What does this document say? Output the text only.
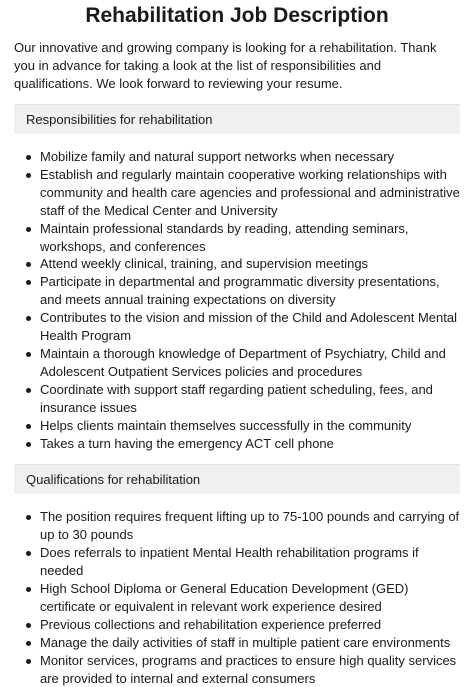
Rehabilitation Job Description

Our innovative and growing company is looking for a rehabilitation. Thank you in advance for taking a look at the list of responsibilities and qualifications. We look forward to reviewing your resume.

Responsibilities for rehabilitation
Mobilize family and natural support networks when necessary
Establish and regularly maintain cooperative working relationships with community and health care agencies and professional and administrative staff of the Medical Center and University
Maintain professional standards by reading, attending seminars, workshops, and conferences
Attend weekly clinical, training, and supervision meetings
Participate in departmental and programmatic diversity presentations, and meets annual training expectations on diversity
Contributes to the vision and mission of the Child and Adolescent Mental Health Program
Maintain a thorough knowledge of Department of Psychiatry, Child and Adolescent Outpatient Services policies and procedures
Coordinate with support staff regarding patient scheduling, fees, and insurance issues
Helps clients maintain themselves successfully in the community
Takes a turn having the emergency ACT cell phone
Qualifications for rehabilitation
The position requires frequent lifting up to 75-100 pounds and carrying of up to 30 pounds
Does referrals to inpatient Mental Health rehabilitation programs if needed
High School Diploma or General Education Development (GED) certificate or equivalent in relevant work experience desired
Previous collections and rehabilitation experience preferred
Manage the daily activities of staff in multiple patient care environments
Monitor services, programs and practices to ensure high quality services are provided to internal and external consumers
